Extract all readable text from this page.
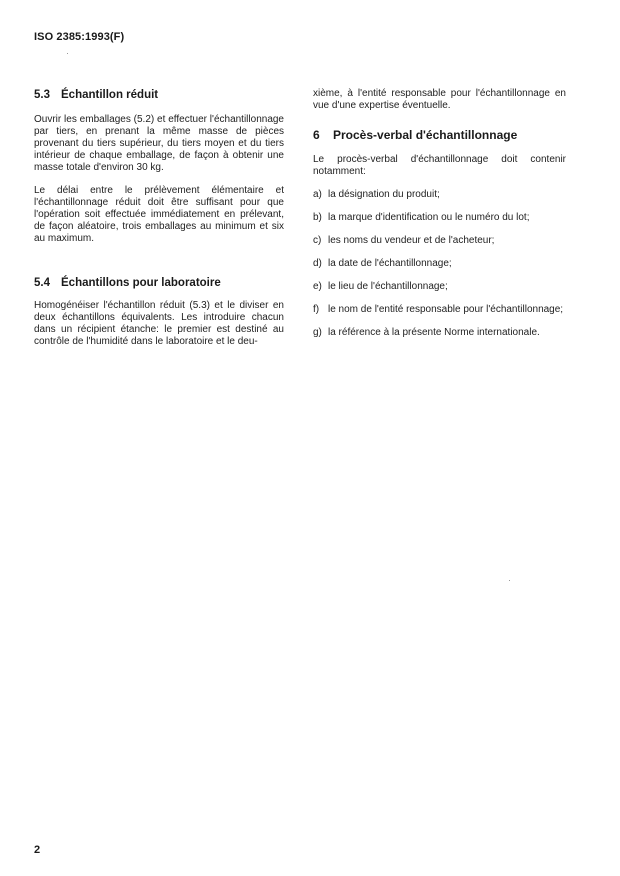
ISO 2385:1993(F)
5.3 Échantillon réduit

Ouvrir les emballages (5.2) et effectuer l'échantillonnage par tiers, en prenant la même masse de pièces provenant du tiers supérieur, du tiers moyen et du tiers intérieur de chaque emballage, de façon à obtenir une masse totale d'environ 30 kg.

Le délai entre le prélèvement élémentaire et l'échantillonnage réduit doit être suffisant pour que l'opération soit effectuée immédiatement en prélevant, de façon aléatoire, trois emballages au minimum et six au maximum.

5.4 Échantillons pour laboratoire

Homogénéiser l'échantillon réduit (5.3) et le diviser en deux échantillons équivalents. Les introduire chacun dans un récipient étanche: le premier est destiné au contrôle de l'humidité dans le laboratoire et le deu-

xième, à l'entité responsable pour l'échantillonnage en vue d'une expertise éventuelle.

6 Procès-verbal d'échantillonnage

Le procès-verbal d'échantillonnage doit contenir notamment:

a) la désignation du produit;
b) la marque d'identification ou le numéro du lot;
c) les noms du vendeur et de l'acheteur;
d) la date de l'échantillonnage;
e) le lieu de l'échantillonnage;
f) le nom de l'entité responsable pour l'échantillonnage;
g) la référence à la présente Norme internationale.
2
